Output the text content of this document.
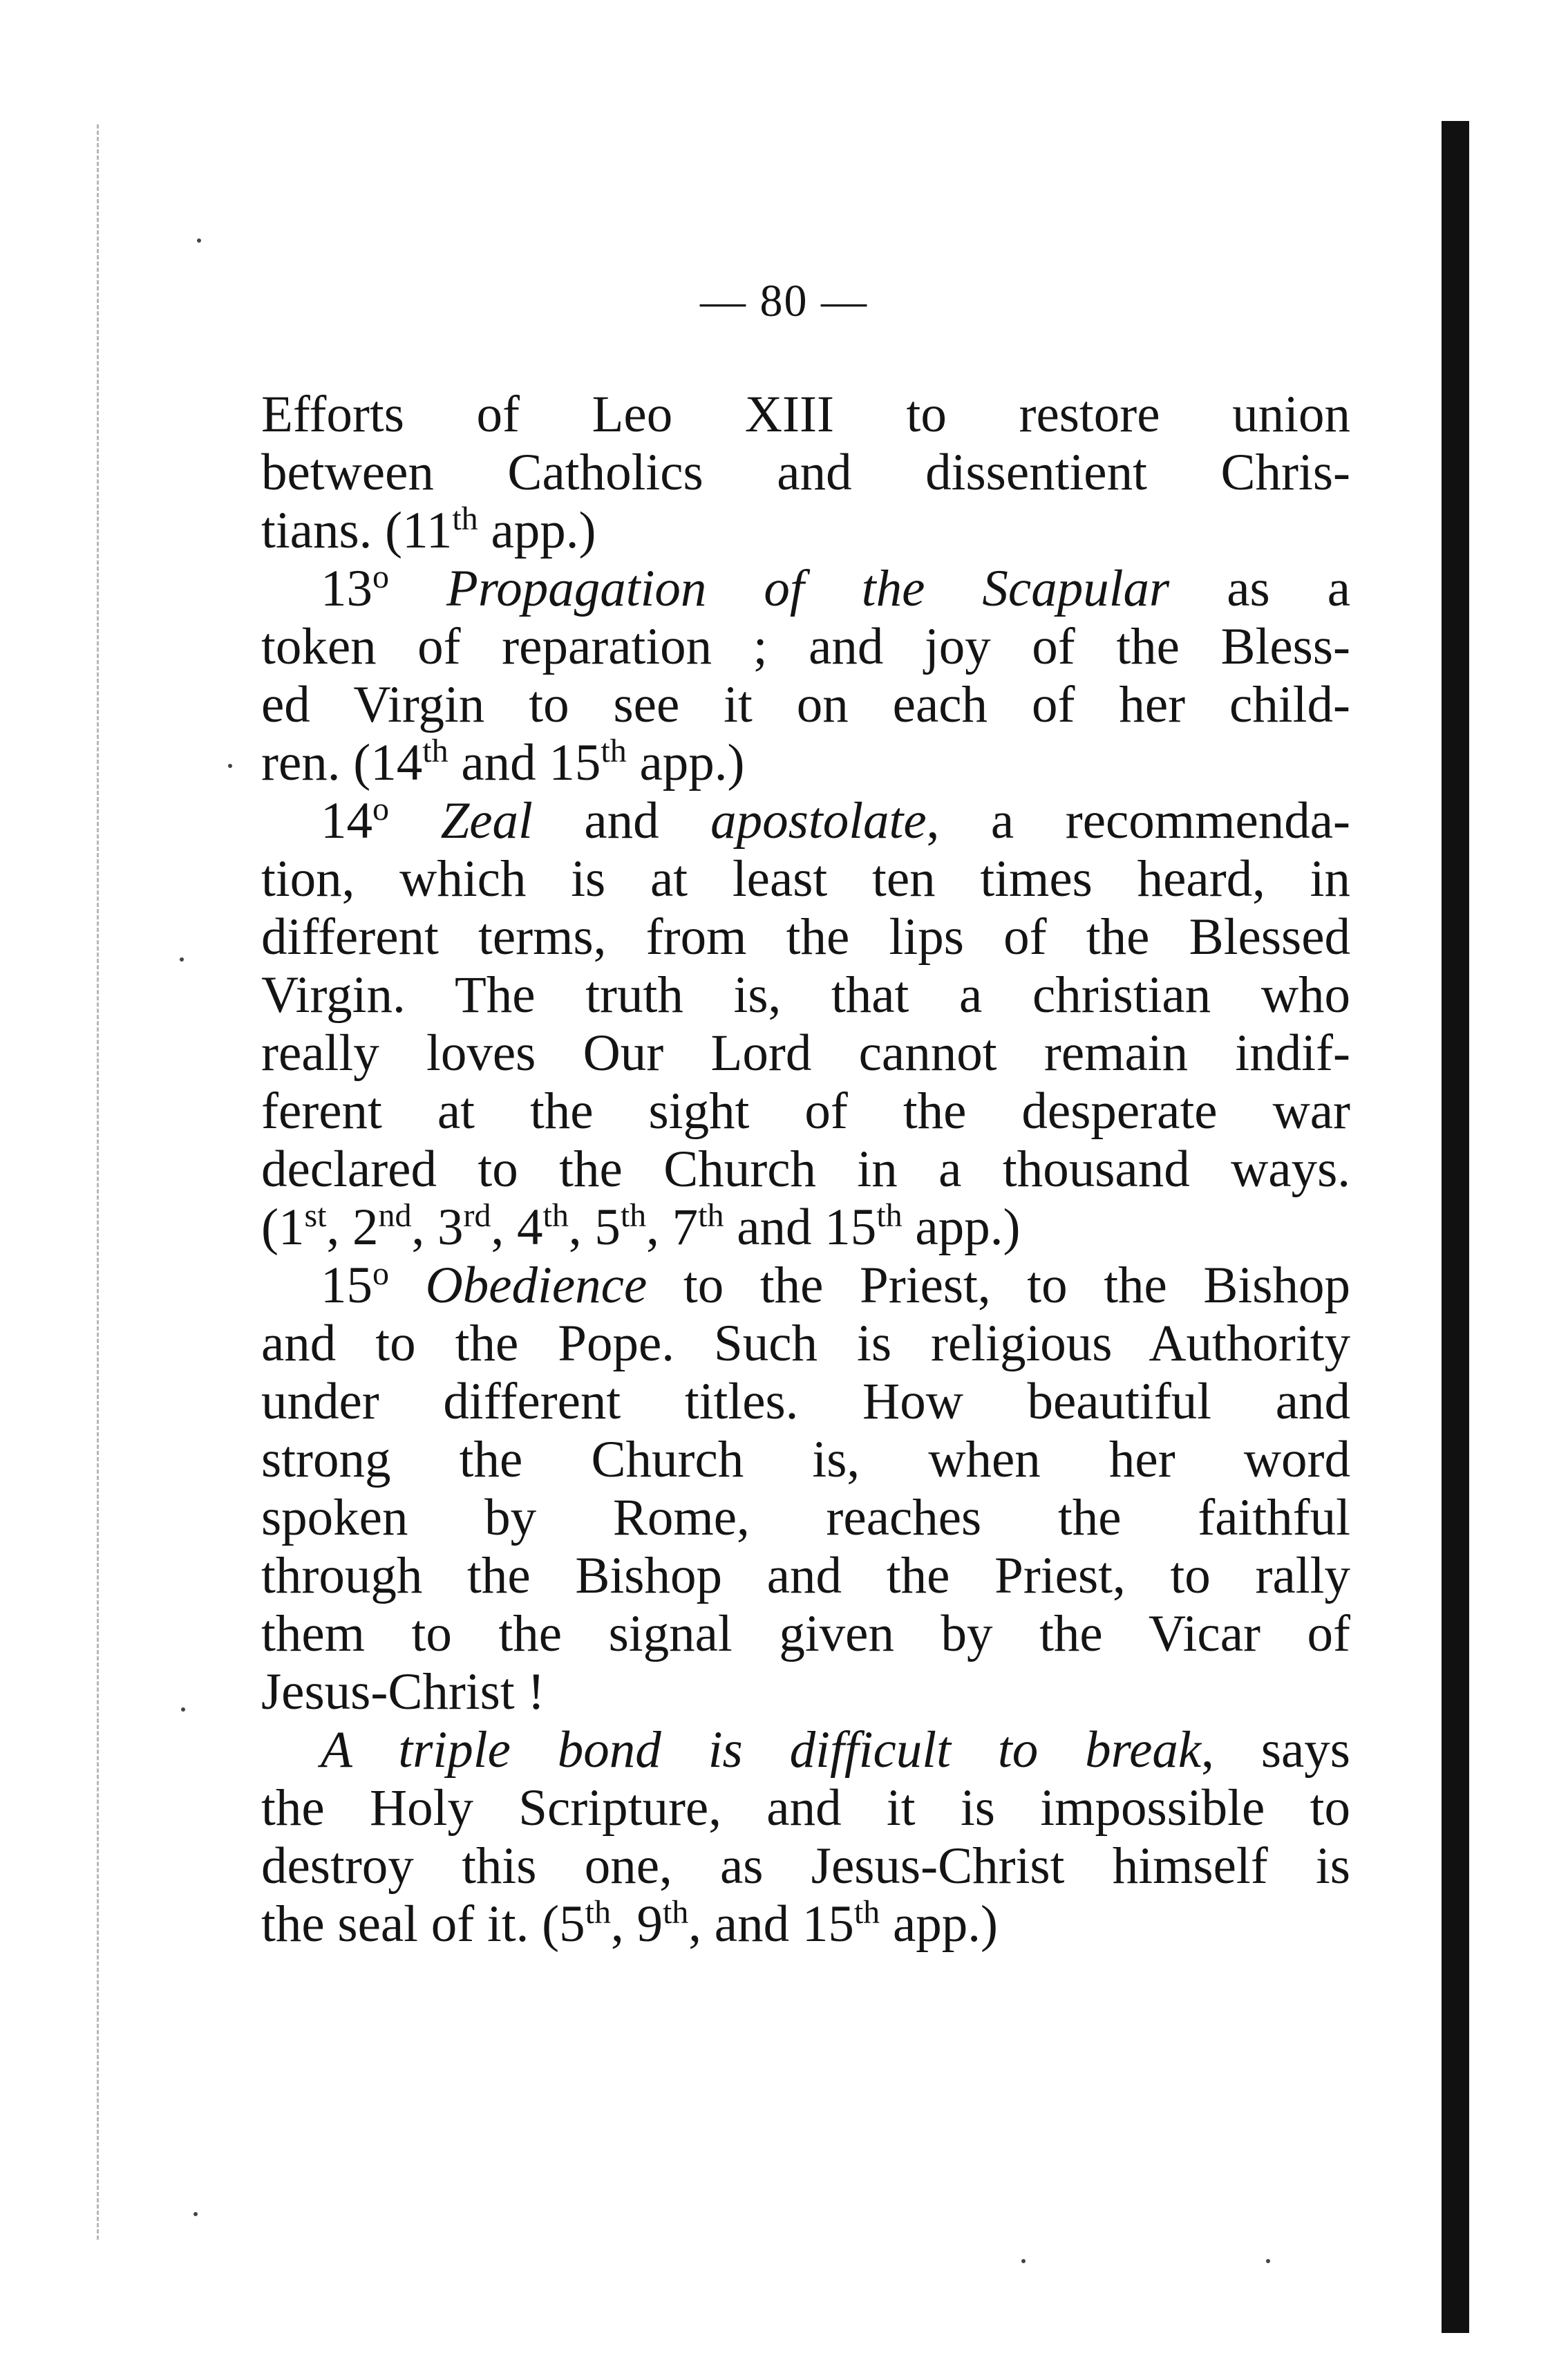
— 80 —
Efforts of Leo XIII to restore union
between Catholics and dissentient Chris-
tians. (11th app.)
13$^o$ Propagation of the Scapular as a
token of reparation ; and joy of the Bless-
ed Virgin to see it on each of her child-
ren. (14th and 15th app.)
14$^o$ Zeal and apostolate, a recommenda-
tion, which is at least ten times heard, in
different terms, from the lips of the Blessed
Virgin. The truth is, that a christian who
really loves Our Lord cannot remain indif-
ferent at the sight of the desperate war
declared to the Church in a thousand ways.
(1st, 2nd, 3rd, 4th, 5th, 7th and 15th app.)
15$^o$ Obedience to the Priest, to the Bishop
and to the Pope. Such is religious Authority
under different titles. How beautiful and
strong the Church is, when her word
spoken by Rome, reaches the faithful
through the Bishop and the Priest, to rally
them to the signal given by the Vicar of
Jesus-Christ !
A triple bond is difficult to break, says
the Holy Scripture, and it is impossible to
destroy this one, as Jesus-Christ himself is
the seal of it. (5th, 9th, and 15th app.)
